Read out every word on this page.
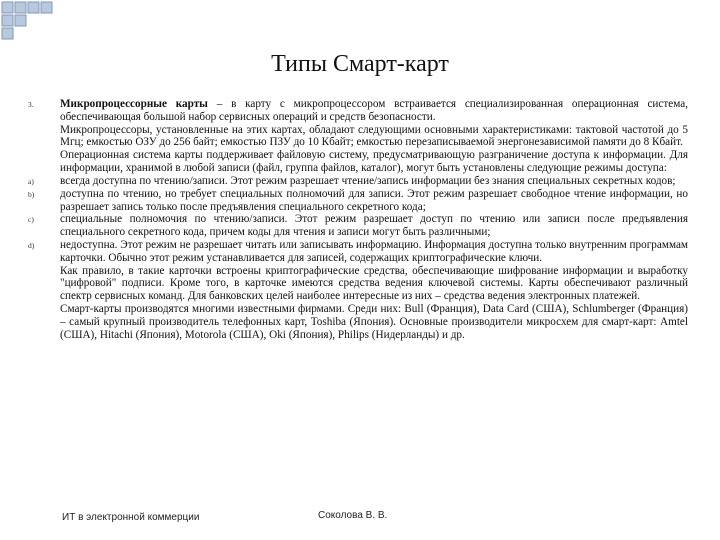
Типы Смарт-карт
3.	Микропроцессорные карты – в карту с микропроцессором встраивается специализированная операционная система, обеспечивающая большой набор сервисных операций и средств безопасности.
Микропроцессоры, установленные на этих картах, обладают следующими основными характеристиками: тактовой частотой до 5 Мгц; емкостью ОЗУ до 256 байт; емкостью ПЗУ до 10 Кбайт; емкостью перезаписываемой энергонезависимой памяти до 8 Кбайт.
Операционная система карты поддерживает файловую систему, предусматривающую разграничение доступа к информации. Для информации, хранимой в любой записи (файл, группа файлов, каталог), могут быть установлены следующие режимы доступа:
a)	всегда доступна по чтению/записи. Этот режим разрешает чтение/запись информации без знания специальных секретных кодов;
b)	доступна по чтению, но требует специальных полномочий для записи. Этот режим разрешает свободное чтение информации, но разрешает запись только после предъявления специального секретного кода;
c)	специальные полномочия по чтению/записи. Этот режим разрешает доступ по чтению или записи после предъявления специального секретного кода, причем коды для чтения и записи могут быть различными;
d)	недоступна. Этот режим не разрешает читать или записывать информацию. Информация доступна только внутренним программам карточки. Обычно этот режим устанавливается для записей, содержащих криптографические ключи.
Как правило, в такие карточки встроены криптографические средства, обеспечивающие шифрование информации и выработку "цифровой" подписи. Кроме того, в карточке имеются средства ведения ключевой системы. Карты обеспечивают различный спектр сервисных команд. Для банковских целей наиболее интересные из них – средства ведения электронных платежей.
Смарт-карты производятся многими известными фирмами. Среди них: Bull (Франция), Data Card (США), Schlumberger (Франция) – самый крупный производитель телефонных карт, Toshiba (Япония). Основные производители микросхем для смарт-карт: Amtel (США), Hitachi (Япония), Motorola (США), Oki (Япония), Philips (Нидерланды) и др.
ИТ в электронной коммерции	Соколова В. В.
